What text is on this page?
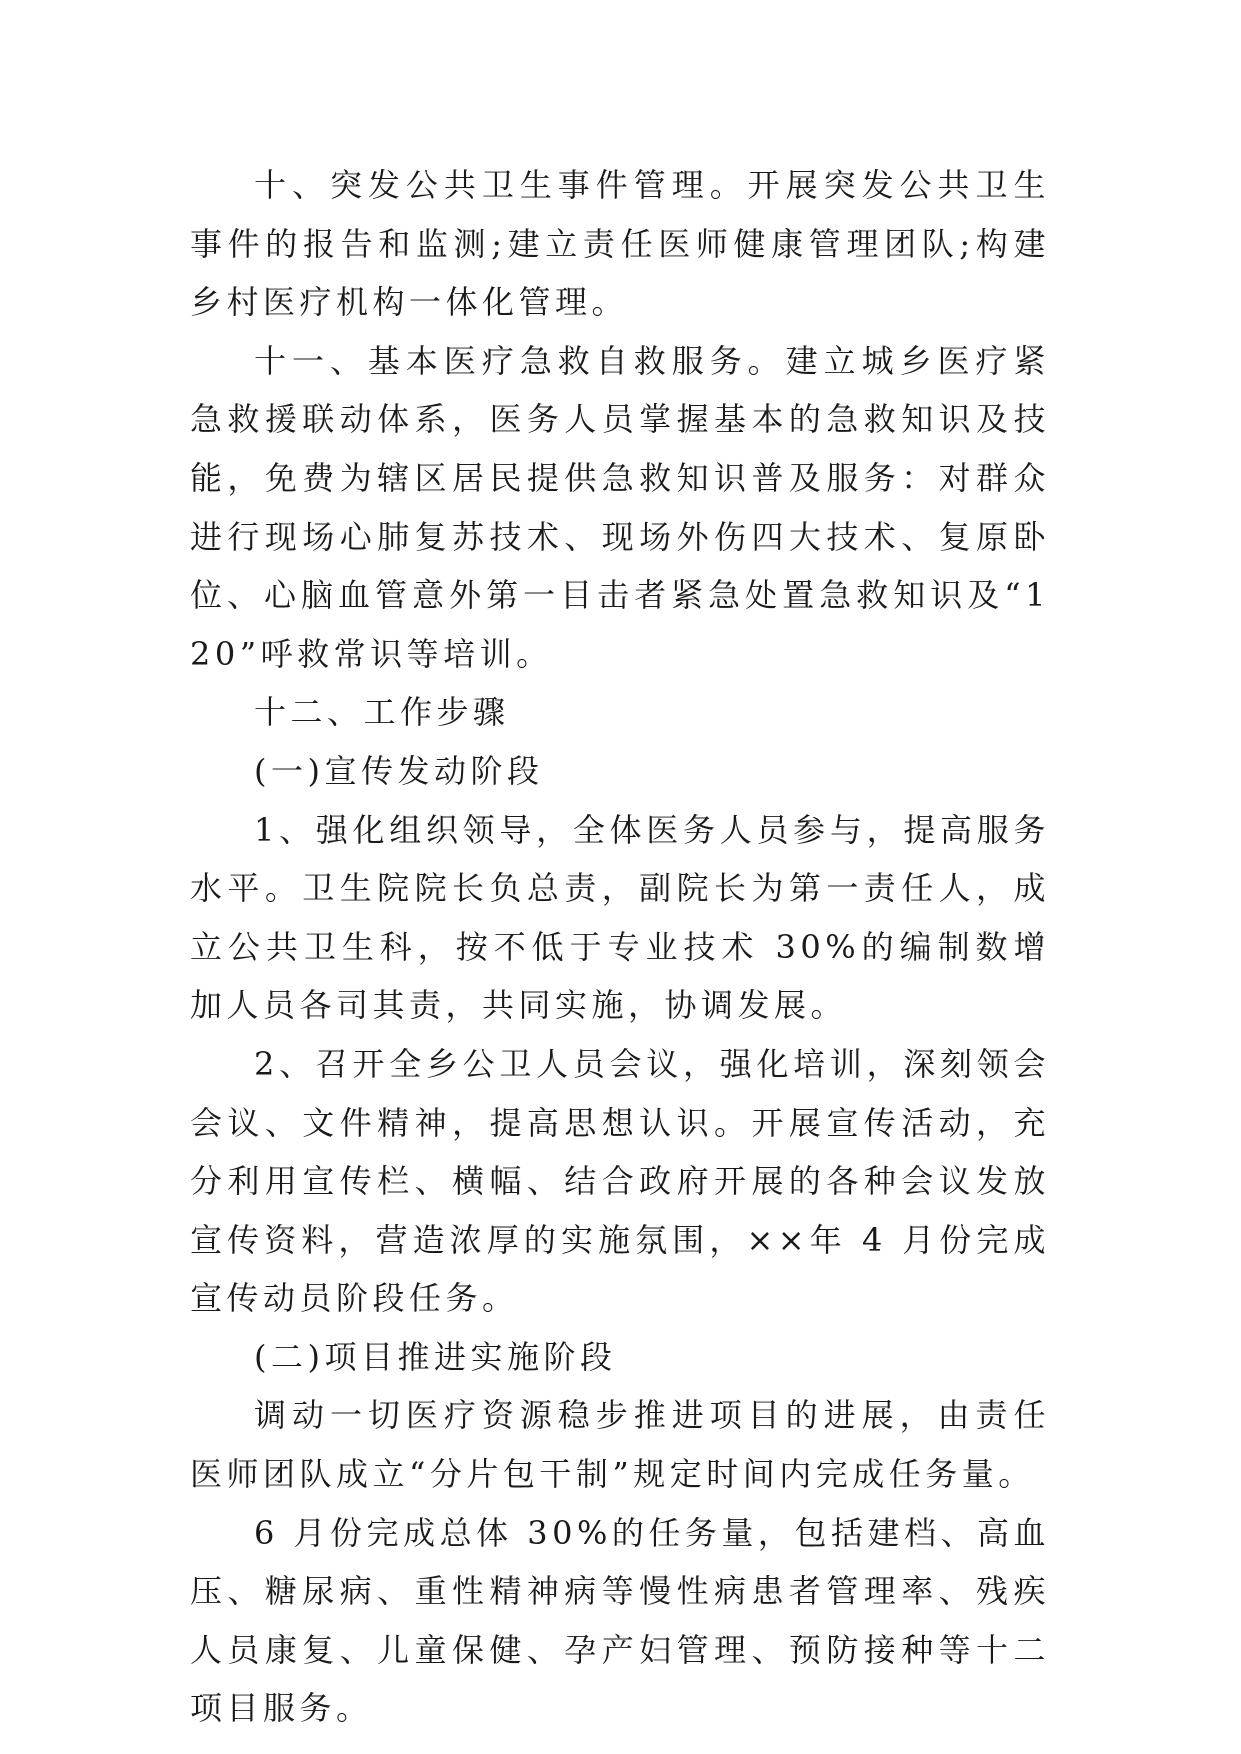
十、突发公共卫生事件管理。开展突发公共卫生事件的报告和监测;建立责任医师健康管理团队;构建乡村医疗机构一体化管理。

十一、基本医疗急救自救服务。建立城乡医疗紧急救援联动体系，医务人员掌握基本的急救知识及技能，免费为辖区居民提供急救知识普及服务：对群众进行现场心肺复苏技术、现场外伤四大技术、复原卧位、心脑血管意外第一目击者紧急处置急救知识及“120”呼救常识等培训。

十二、工作步骤

(一)宣传发动阶段

1、强化组织领导，全体医务人员参与，提高服务水平。卫生院院长负总责，副院长为第一责任人，成立公共卫生科，按不低于专业技术 30%的编制数增加人员各司其责，共同实施，协调发展。

2、召开全乡公卫人员会议，强化培训，深刻领会会议、文件精神，提高思想认识。开展宣传活动，充分利用宣传栏、横幅、结合政府开展的各种会议发放宣传资料，营造浓厚的实施氛围，××年 4 月份完成宣传动员阶段任务。

(二)项目推进实施阶段

调动一切医疗资源稳步推进项目的进展，由责任医师团队成立“分片包干制”规定时间内完成任务量。

6 月份完成总体 30%的任务量，包括建档、高血压、糖尿病、重性精神病等慢性病患者管理率、残疾人员康复、儿童保健、孕产妇管理、预防接种等十二项目服务。
